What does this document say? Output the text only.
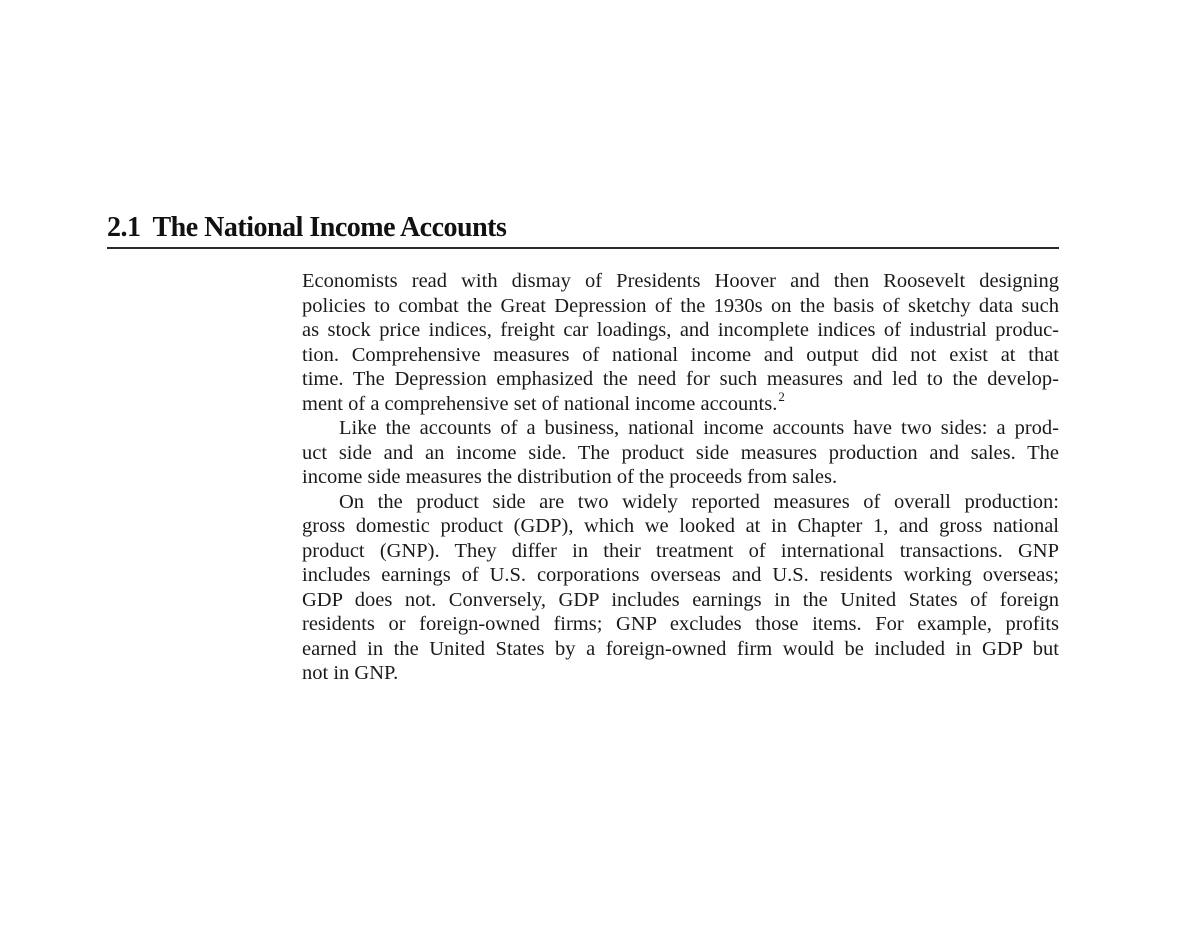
2.1 The National Income Accounts
Economists read with dismay of Presidents Hoover and then Roosevelt designing
policies to combat the Great Depression of the 1930s on the basis of sketchy data such
as stock price indices, freight car loadings, and incomplete indices of industrial produc-
tion. Comprehensive measures of national income and output did not exist at that
time. The Depression emphasized the need for such measures and led to the develop-
ment of a comprehensive set of national income accounts.$^2$
Like the accounts of a business, national income accounts have two sides: a prod-
uct side and an income side. The product side measures production and sales. The
income side measures the distribution of the proceeds from sales.
On the product side are two widely reported measures of overall production:
gross domestic product (GDP), which we looked at in Chapter 1, and gross national
product (GNP). They differ in their treatment of international transactions. GNP
includes earnings of U.S. corporations overseas and U.S. residents working overseas;
GDP does not. Conversely, GDP includes earnings in the United States of foreign
residents or foreign-owned firms; GNP excludes those items. For example, profits
earned in the United States by a foreign-owned firm would be included in GDP but
not in GNP.
